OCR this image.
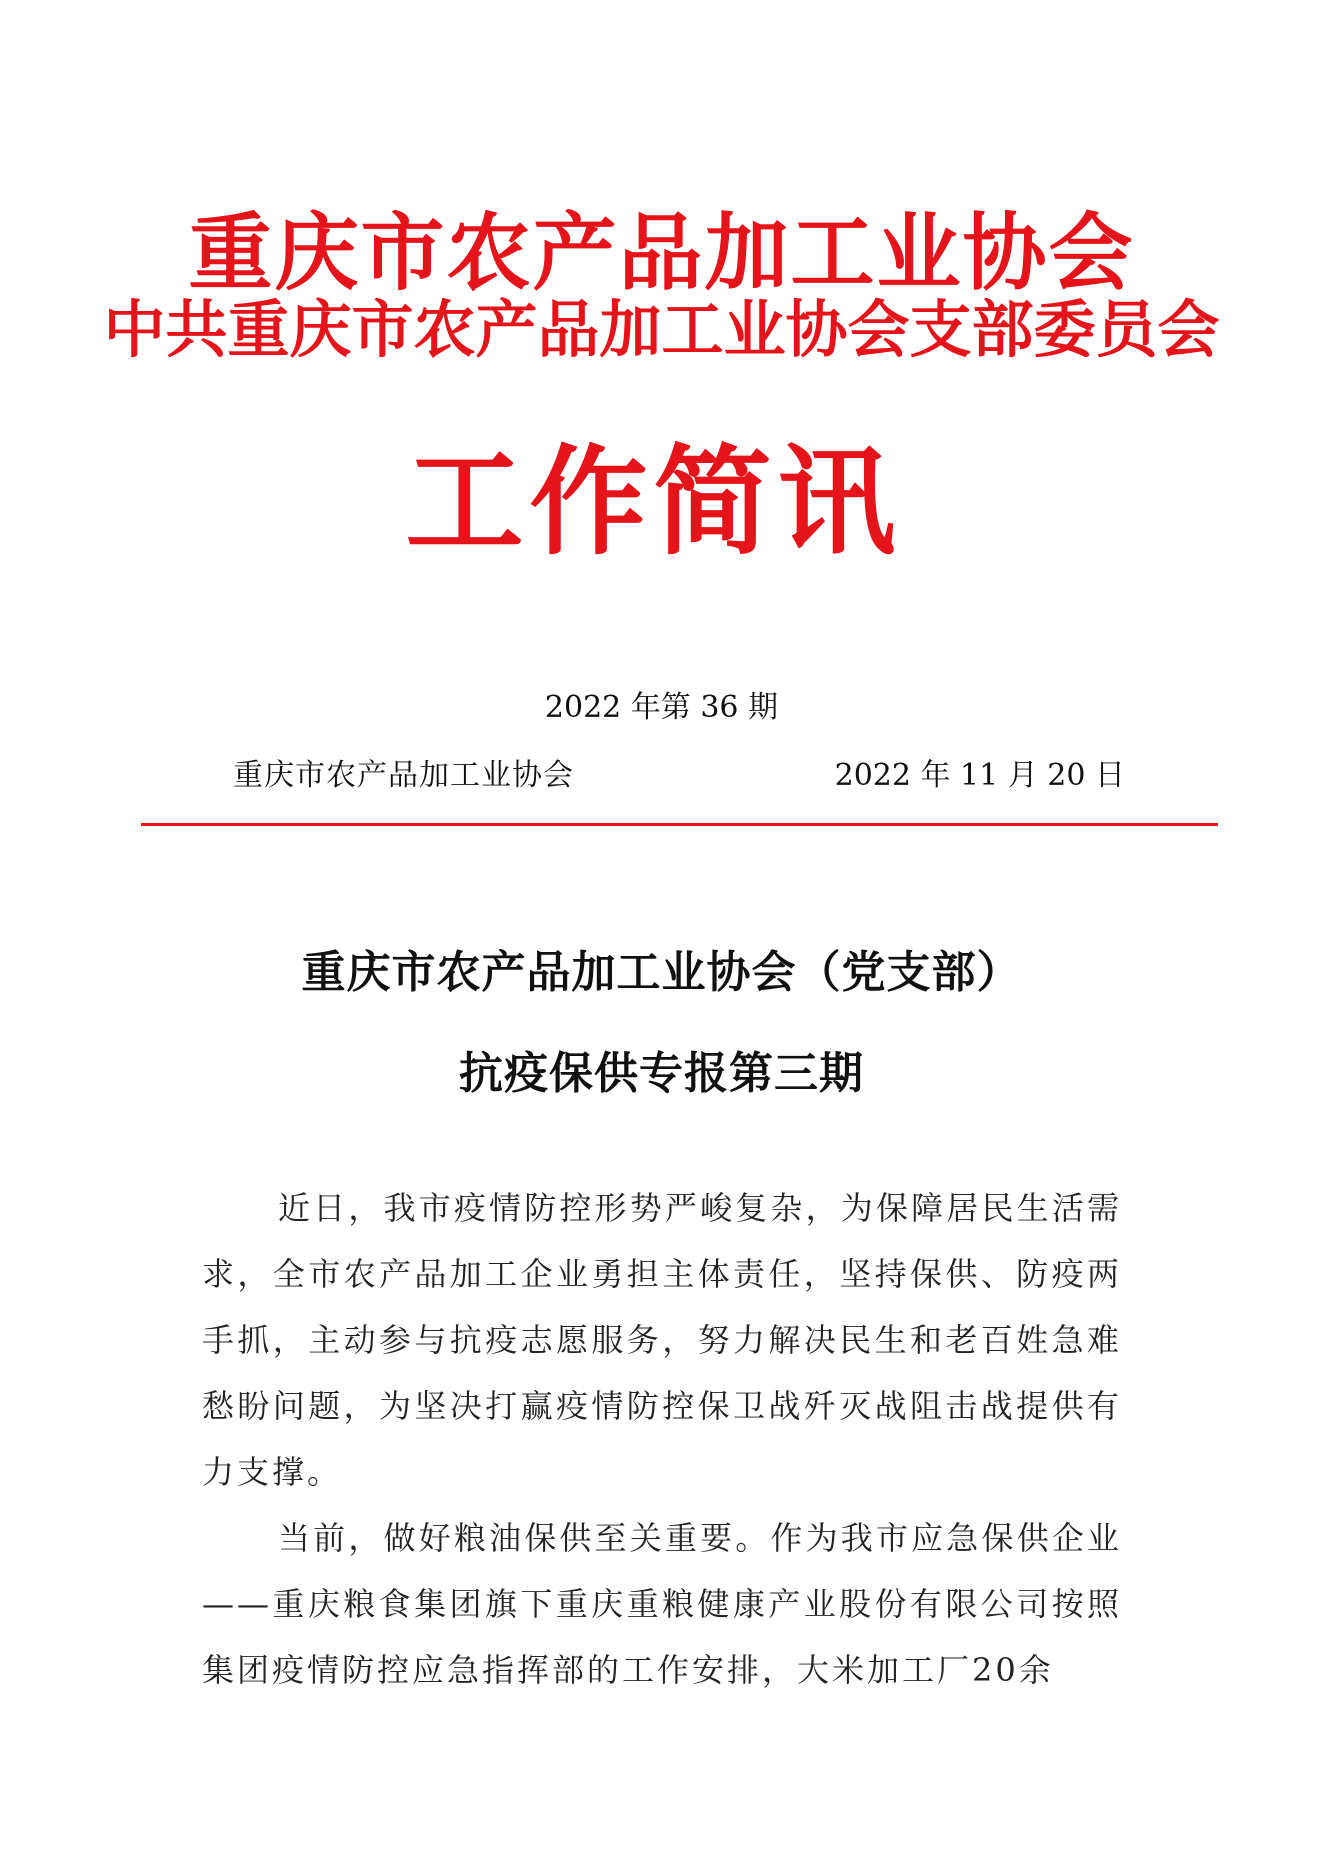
重庆市农产品加工业协会
中共重庆市农产品加工业协会支部委员会
工作简讯
2022 年第 36 期
重庆市农产品加工业协会	2022 年 11 月 20 日
重庆市农产品加工业协会（党支部）
抗疫保供专报第三期

近日，我市疫情防控形势严峻复杂，为保障居民生活需求，全市农产品加工企业勇担主体责任，坚持保供、防疫两手抓，主动参与抗疫志愿服务，努力解决民生和老百姓急难愁盼问题，为坚决打赢疫情防控保卫战歼灭战阻击战提供有力支撑。

当前，做好粮油保供至关重要。作为我市应急保供企业——重庆粮食集团旗下重庆重粮健康产业股份有限公司按照集团疫情防控应急指挥部的工作安排，大米加工厂20余
